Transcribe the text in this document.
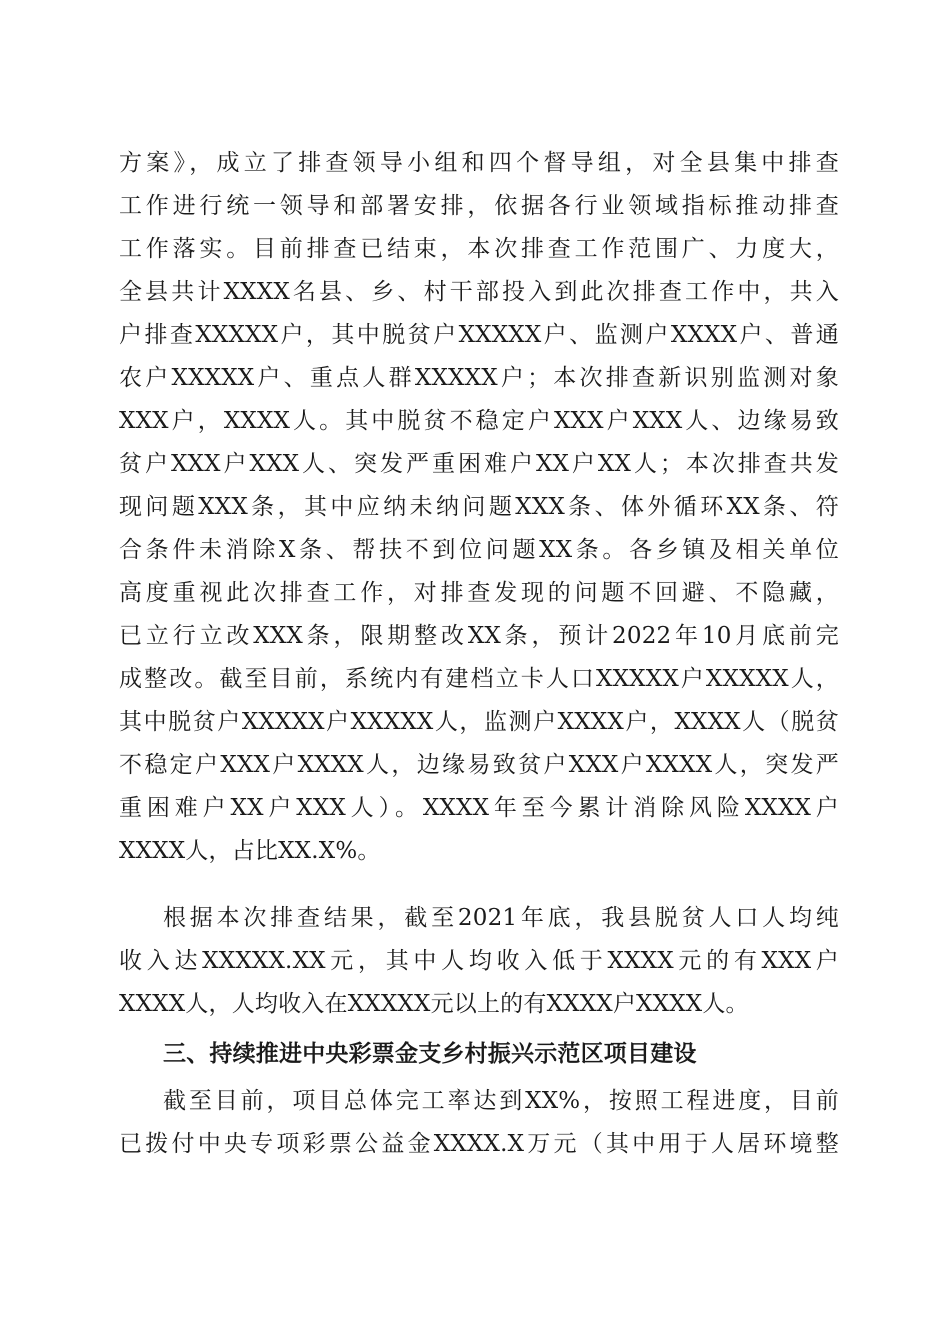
方案》，成立了排查领导小组和四个督导组，对全县集中排查
工作进行统一领导和部署安排，依据各行业领域指标推动排查
工作落实。目前排查已结束，本次排查工作范围广、力度大，
全县共计XXXX名县、乡、村干部投入到此次排查工作中，共入
户排查XXXXX户，其中脱贫户XXXXX户、监测户XXXX户、普通
农户XXXXX户、重点人群XXXXX户；本次排查新识别监测对象
XXX户，XXXX人。其中脱贫不稳定户XXX户XXX人、边缘易致
贫户XXX户XXX人、突发严重困难户XX户XX人；本次排查共发
现问题XXX条，其中应纳未纳问题XXX条、体外循环XX条、符
合条件未消除X条、帮扶不到位问题XX条。各乡镇及相关单位
高度重视此次排查工作，对排查发现的问题不回避、不隐藏，
已立行立改XXX条，限期整改XX条，预计2022年10月底前完
成整改。截至目前，系统内有建档立卡人口XXXXX户XXXXX人，
其中脱贫户XXXXX户XXXXX人，监测户XXXX户，XXXX人（脱贫
不稳定户XXX户XXXX人，边缘易致贫户XXX户XXXX人，突发严
重困难户XX户XXX人）。XXXX年至今累计消除风险XXXX户
XXXX人，占比XX.X%。
根据本次排查结果，截至2021年底，我县脱贫人口人均纯
收入达XXXXX.XX元，其中人均收入低于XXXX元的有XXX户
XXXX人，人均收入在XXXXX元以上的有XXXX户XXXX人。
三、持续推进中央彩票金支乡村振兴示范区项目建设
截至目前，项目总体完工率达到XX%，按照工程进度，目前
已拨付中央专项彩票公益金XXXX.X万元（其中用于人居环境整
